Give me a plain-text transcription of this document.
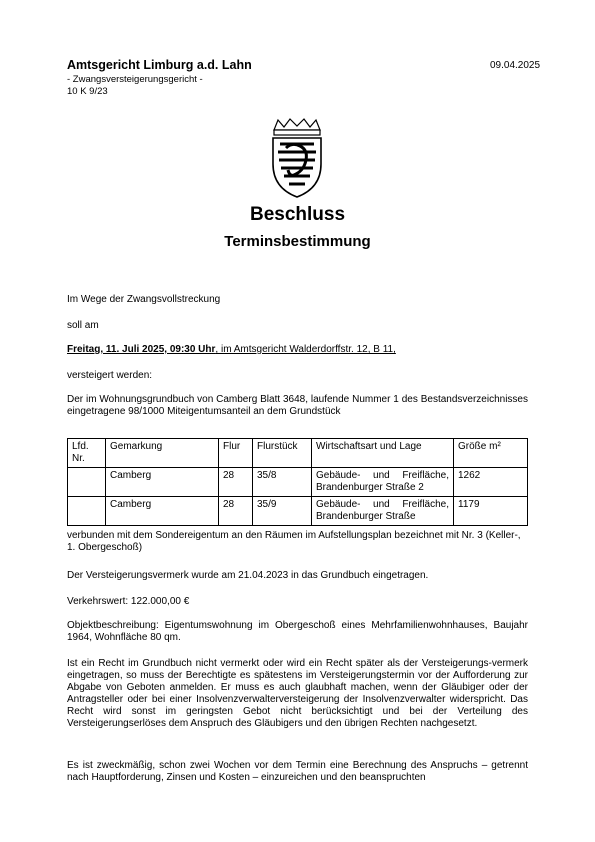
Amtsgericht Limburg a.d. Lahn
- Zwangsversteigerungsgericht -
10 K 9/23
09.04.2025
Beschluss
Terminsbestimmung
Im Wege der Zwangsvollstreckung
soll am
Freitag, 11. Juli 2025, 09:30 Uhr, im Amtsgericht Walderdorffstr. 12, B 11,
versteigert werden:
Der im Wohnungsgrundbuch von Camberg Blatt 3648, laufende Nummer 1 des Bestandsverzeichnisses eingetragene 98/1000 Miteigentumsanteil an dem Grundstück
Lfd. Nr.	Gemarkung	Flur	Flurstück	Wirtschaftsart und Lage	Größe m²
	Camberg	28	35/8	Gebäude- und Freifläche, Brandenburger Straße 2	1262
	Camberg	28	35/9	Gebäude- und Freifläche, Brandenburger Straße	1179
verbunden mit dem Sondereigentum an den Räumen im Aufstellungsplan bezeichnet mit Nr. 3 (Keller-, 1. Obergeschoß)
Der Versteigerungsvermerk wurde am 21.04.2023 in das Grundbuch eingetragen.
Verkehrswert: 122.000,00 €
Objektbeschreibung: Eigentumswohnung im Obergeschoß eines Mehrfamilienwohnhauses, Baujahr 1964, Wohnfläche 80 qm.
Ist ein Recht im Grundbuch nicht vermerkt oder wird ein Recht später als der Versteigerungs-vermerk eingetragen, so muss der Berechtigte es spätestens im Versteigerungstermin vor der Aufforderung zur Abgabe von Geboten anmelden. Er muss es auch glaubhaft machen, wenn der Gläubiger oder der Antragsteller oder bei einer Insolvenzverwalterversteigerung der Insolvenzverwalter widerspricht. Das Recht wird sonst im geringsten Gebot nicht berücksichtigt und bei der Verteilung des Versteigerungserlöses dem Anspruch des Gläubigers und den übrigen Rechten nachgesetzt.
Es ist zweckmäßig, schon zwei Wochen vor dem Termin eine Berechnung des Anspruchs – getrennt nach Hauptforderung, Zinsen und Kosten – einzureichen und den beanspruchten
